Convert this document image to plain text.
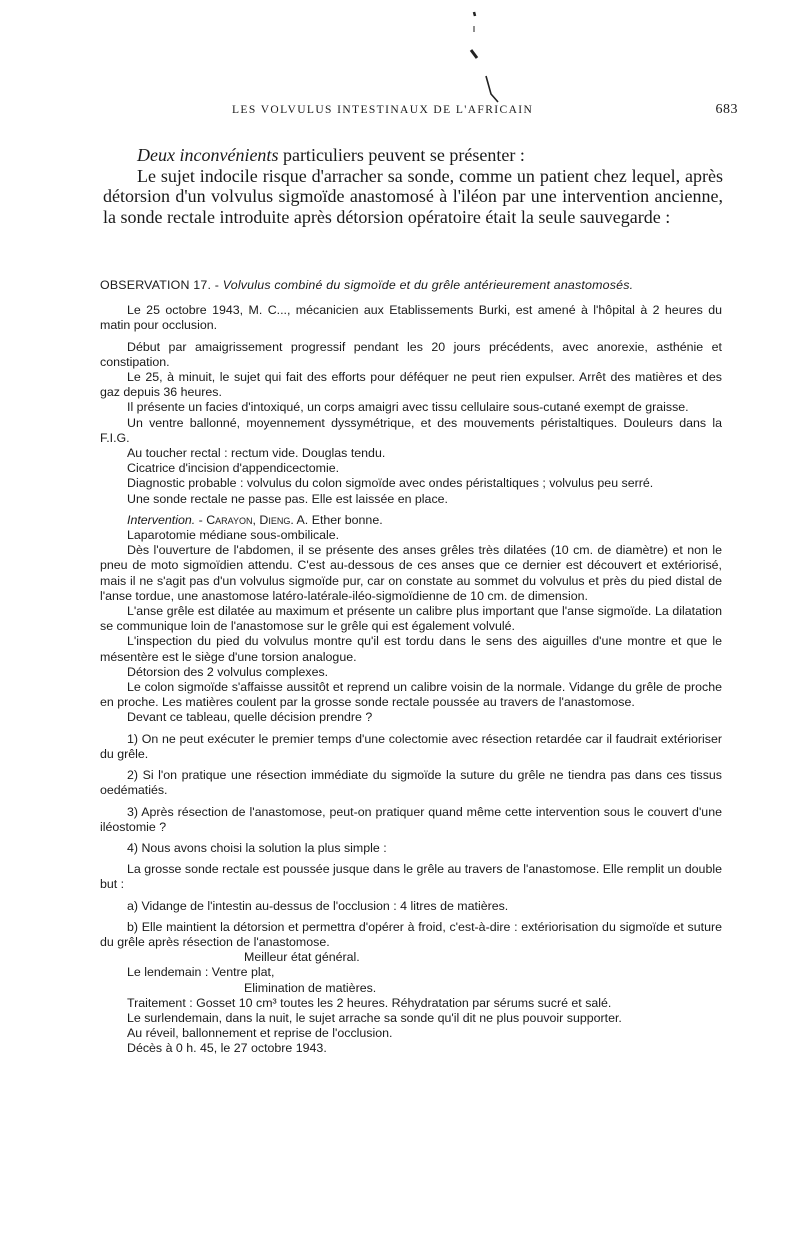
LES VOLVULUS INTESTINAUX DE L'AFRICAIN	683

Deux inconvénients particuliers peuvent se présenter :

Le sujet indocile risque d'arracher sa sonde, comme un patient chez lequel, après détorsion d'un volvulus sigmoïde anastomosé à l'iléon par une intervention ancienne, la sonde rectale introduite après détorsion opératoire était la seule sauvegarde :

OBSERVATION 17. - Volvulus combiné du sigmoïde et du grêle antérieurement anastomosés.

Le 25 octobre 1943, M. C..., mécanicien aux Etablissements Burki, est amené à l'hôpital à 2 heures du matin pour occlusion.

Début par amaigrissement progressif pendant les 20 jours précédents, avec anorexie, asthénie et constipation.

Le 25, à minuit, le sujet qui fait des efforts pour déféquer ne peut rien expulser. Arrêt des matières et des gaz depuis 36 heures.

Il présente un facies d'intoxiqué, un corps amaigri avec tissu cellulaire sous-cutané exempt de graisse.

Un ventre ballonné, moyennement dyssymétrique, et des mouvements péristaltiques. Douleurs dans la F.I.G.

Au toucher rectal : rectum vide. Douglas tendu.

Cicatrice d'incision d'appendicectomie.

Diagnostic probable : volvulus du colon sigmoïde avec ondes péristaltiques ; volvulus peu serré.

Une sonde rectale ne passe pas. Elle est laissée en place.

Intervention. - Carayon, Dieng. A. Ether bonne.

Laparotomie médiane sous-ombilicale.

Dès l'ouverture de l'abdomen, il se présente des anses grêles très dilatées (10 cm. de diamètre) et non le pneu de moto sigmoïdien attendu. C'est au-dessous de ces anses que ce dernier est découvert et extériorisé, mais il ne s'agit pas d'un volvulus sigmoïde pur, car on constate au sommet du volvulus et près du pied distal de l'anse tordue, une anastomose latéro-latérale-iléo-sigmoïdienne de 10 cm. de dimension.

L'anse grêle est dilatée au maximum et présente un calibre plus important que l'anse sigmoïde. La dilatation se communique loin de l'anastomose sur le grêle qui est également volvulé.

L'inspection du pied du volvulus montre qu'il est tordu dans le sens des aiguilles d'une montre et que le mésentère est le siège d'une torsion analogue.

Détorsion des 2 volvulus complexes.

Le colon sigmoïde s'affaisse aussitôt et reprend un calibre voisin de la normale. Vidange du grêle de proche en proche. Les matières coulent par la grosse sonde rectale poussée au travers de l'anastomose.

Devant ce tableau, quelle décision prendre ?

1) On ne peut exécuter le premier temps d'une colectomie avec résection retardée car il faudrait extérioriser du grêle.

2) Si l'on pratique une résection immédiate du sigmoïde la suture du grêle ne tiendra pas dans ces tissus oedématiés.

3) Après résection de l'anastomose, peut-on pratiquer quand même cette intervention sous le couvert d'une iléostomie ?

4) Nous avons choisi la solution la plus simple :

La grosse sonde rectale est poussée jusque dans le grêle au travers de l'anastomose. Elle remplit un double but :

a) Vidange de l'intestin au-dessus de l'occlusion : 4 litres de matières.

b) Elle maintient la détorsion et permettra d'opérer à froid, c'est-à-dire : extériorisation du sigmoïde et suture du grêle après résection de l'anastomose.

Meilleur état général.

Le lendemain : Ventre plat,

Elimination de matières.

Traitement : Gosset 10 cm³ toutes les 2 heures. Réhydratation par sérums sucré et salé.

Le surlendemain, dans la nuit, le sujet arrache sa sonde qu'il dit ne plus pouvoir supporter.

Au réveil, ballonnement et reprise de l'occlusion.

Décès à 0 h. 45, le 27 octobre 1943.
